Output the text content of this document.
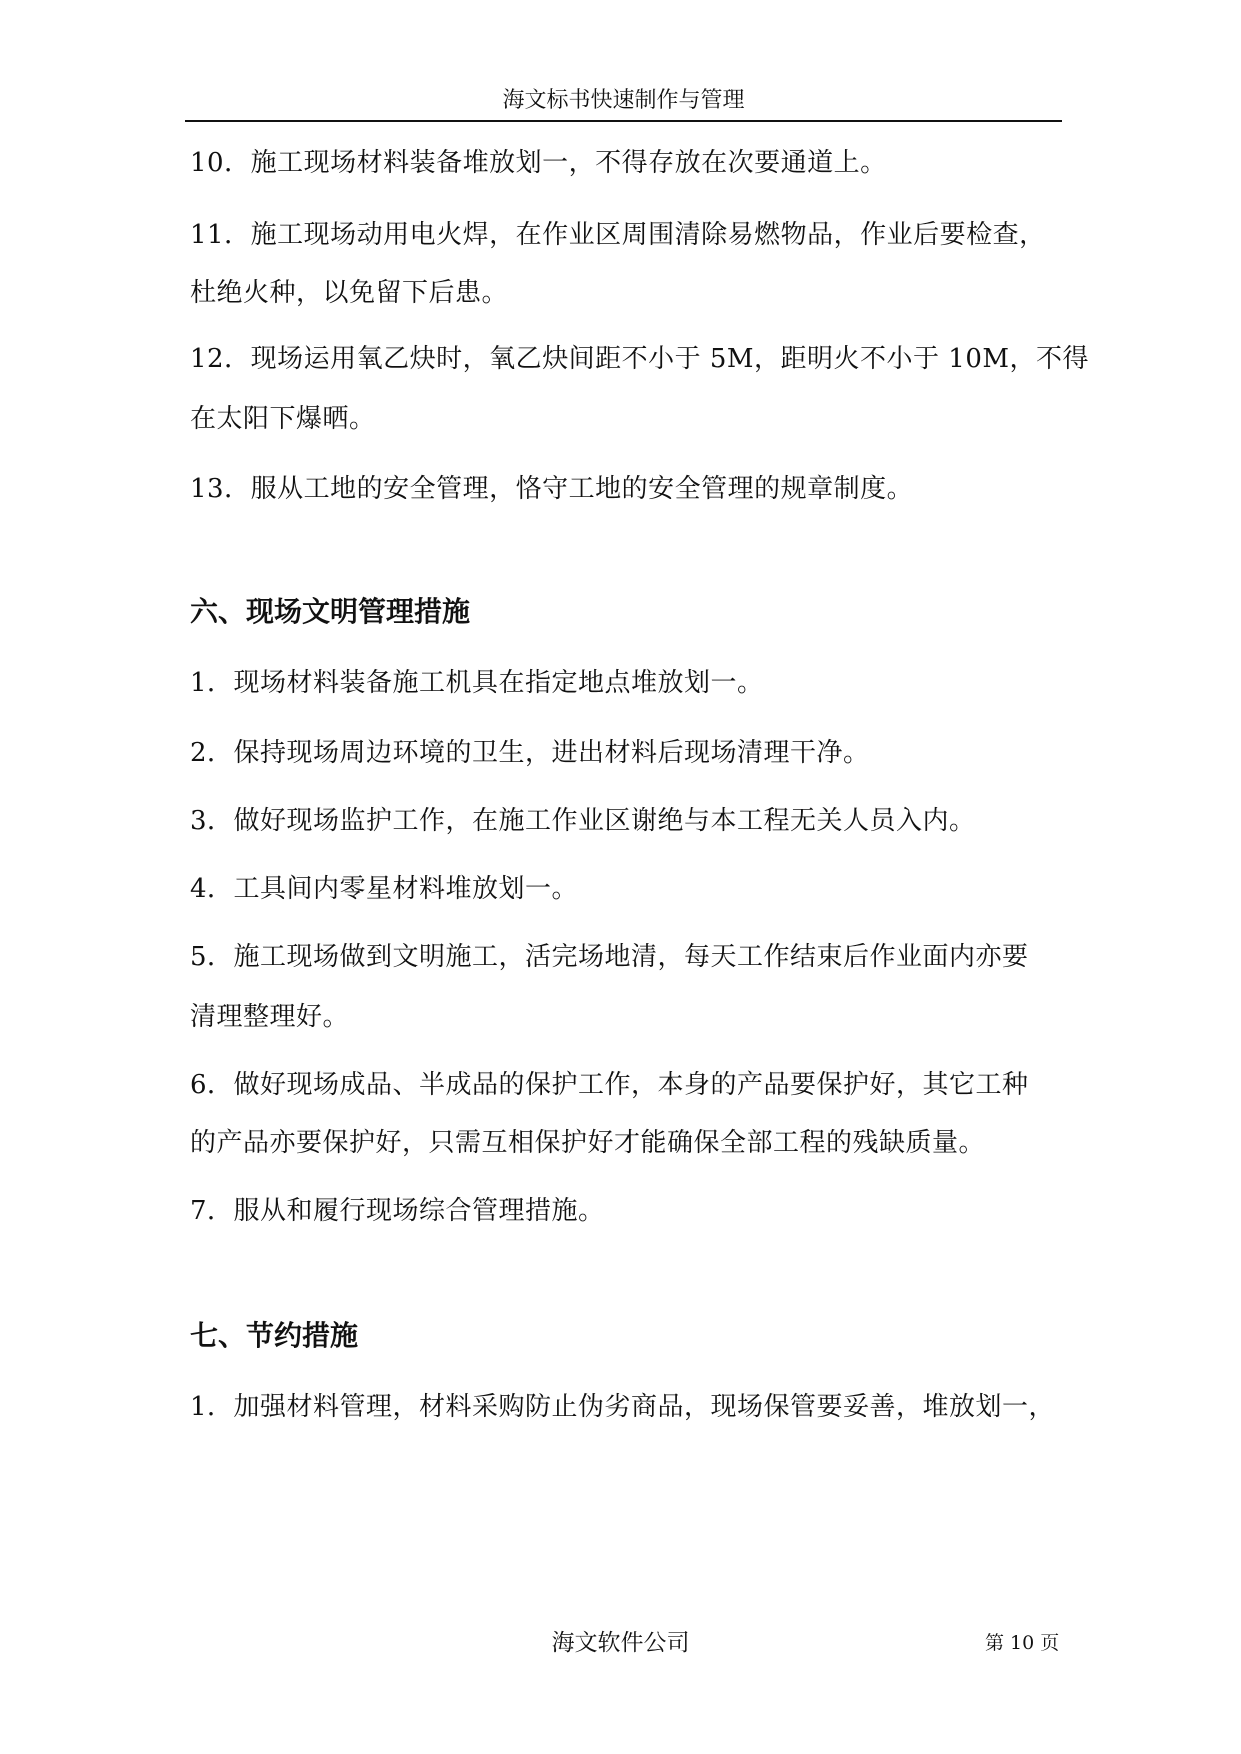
海文标书快速制作与管理
10．施工现场材料装备堆放划一，不得存放在次要通道上。
11．施工现场动用电火焊，在作业区周围清除易燃物品，作业后要检查，
杜绝火种，以免留下后患。
12．现场运用氧乙炔时，氧乙炔间距不小于 5M，距明火不小于 10M，不得
在太阳下爆晒。
13．服从工地的安全管理，恪守工地的安全管理的规章制度。
六、现场文明管理措施
1．现场材料装备施工机具在指定地点堆放划一。
2．保持现场周边环境的卫生，进出材料后现场清理干净。
3．做好现场监护工作，在施工作业区谢绝与本工程无关人员入内。
4．工具间内零星材料堆放划一。
5．施工现场做到文明施工，活完场地清，每天工作结束后作业面内亦要
清理整理好。
6．做好现场成品、半成品的保护工作，本身的产品要保护好，其它工种
的产品亦要保护好，只需互相保护好才能确保全部工程的残缺质量。
7．服从和履行现场综合管理措施。
七、节约措施
1．加强材料管理，材料采购防止伪劣商品，现场保管要妥善，堆放划一，
海文软件公司	第 10 页
